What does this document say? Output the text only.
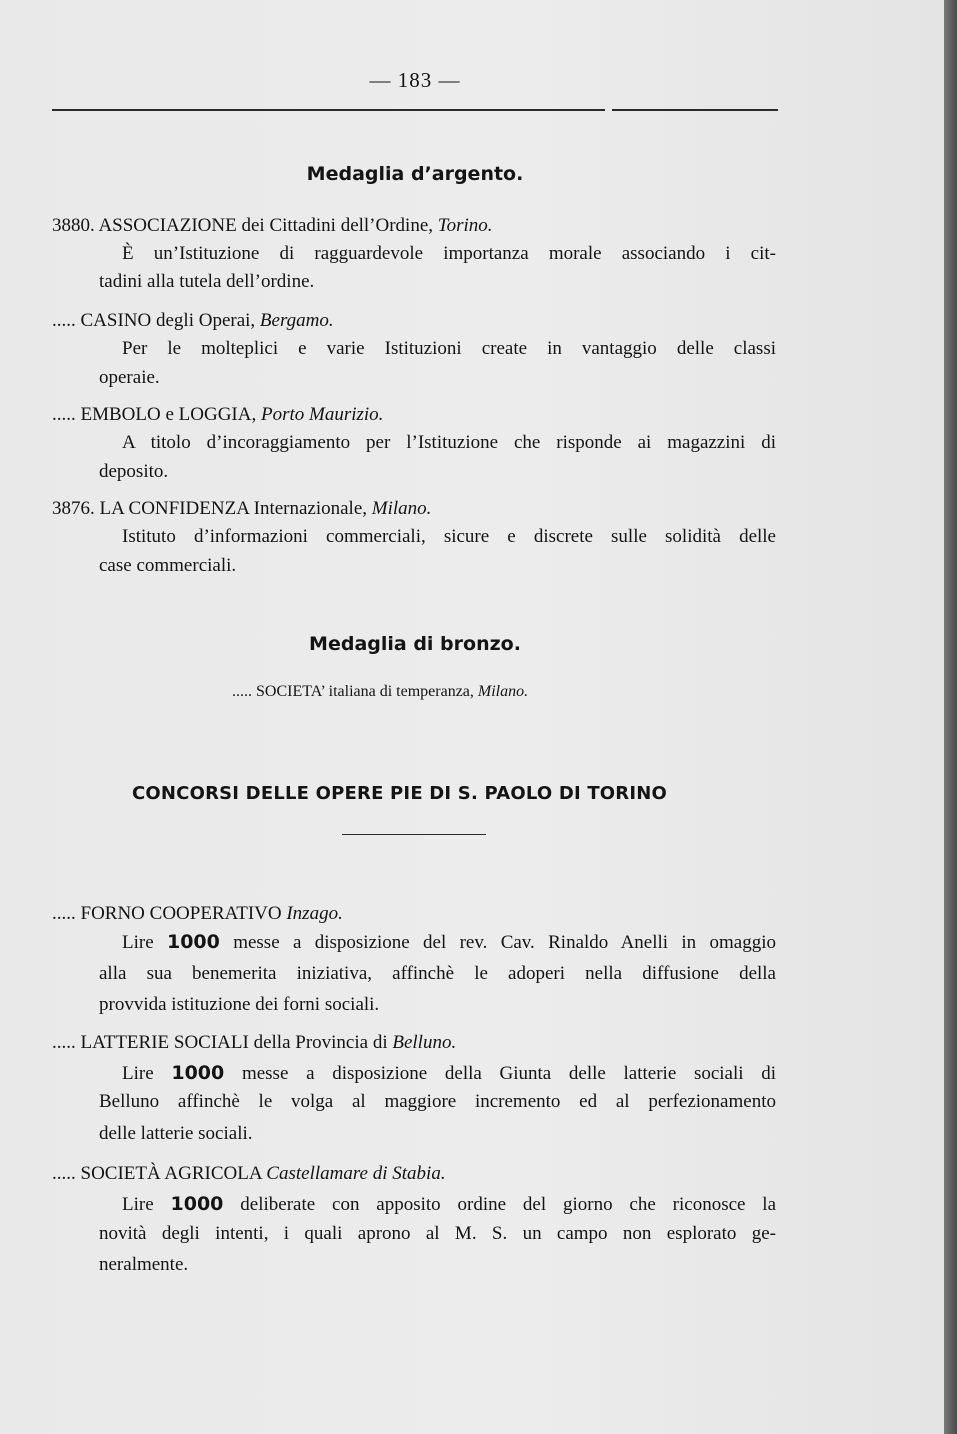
— 183 —
Medaglia d’argento.
3880. ASSOCIAZIONE dei Cittadini dell’Ordine, Torino.
È un’Istituzione di ragguardevole importanza morale associando i cit-
tadini alla tutela dell’ordine.
..... CASINO degli Operai, Bergamo.
Per le molteplici e varie Istituzioni create in vantaggio delle classi
operaie.
..... EMBOLO e LOGGIA, Porto Maurizio.
A titolo d’incoraggiamento per l’Istituzione che risponde ai magazzini di
deposito.
3876. LA CONFIDENZA Internazionale, Milano.
Istituto d’informazioni commerciali, sicure e discrete sulle solidità delle
case commerciali.
Medaglia di bronzo.
..... SOCIETA’ italiana di temperanza, Milano.
CONCORSI DELLE OPERE PIE DI S. PAOLO DI TORINO
..... FORNO COOPERATIVO Inzago.
Lire 1000 messe a disposizione del rev. Cav. Rinaldo Anelli in omaggio
alla sua benemerita iniziativa, affinchè le adoperi nella diffusione della
provvida istituzione dei forni sociali.
..... LATTERIE SOCIALI della Provincia di Belluno.
Lire 1000 messe a disposizione della Giunta delle latterie sociali di
Belluno affinchè le volga al maggiore incremento ed al perfezionamento
delle latterie sociali.
..... SOCIETÀ AGRICOLA Castellamare di Stabia.
Lire 1000 deliberate con apposito ordine del giorno che riconosce la
novità degli intenti, i quali aprono al M. S. un campo non esplorato ge-
neralmente.
